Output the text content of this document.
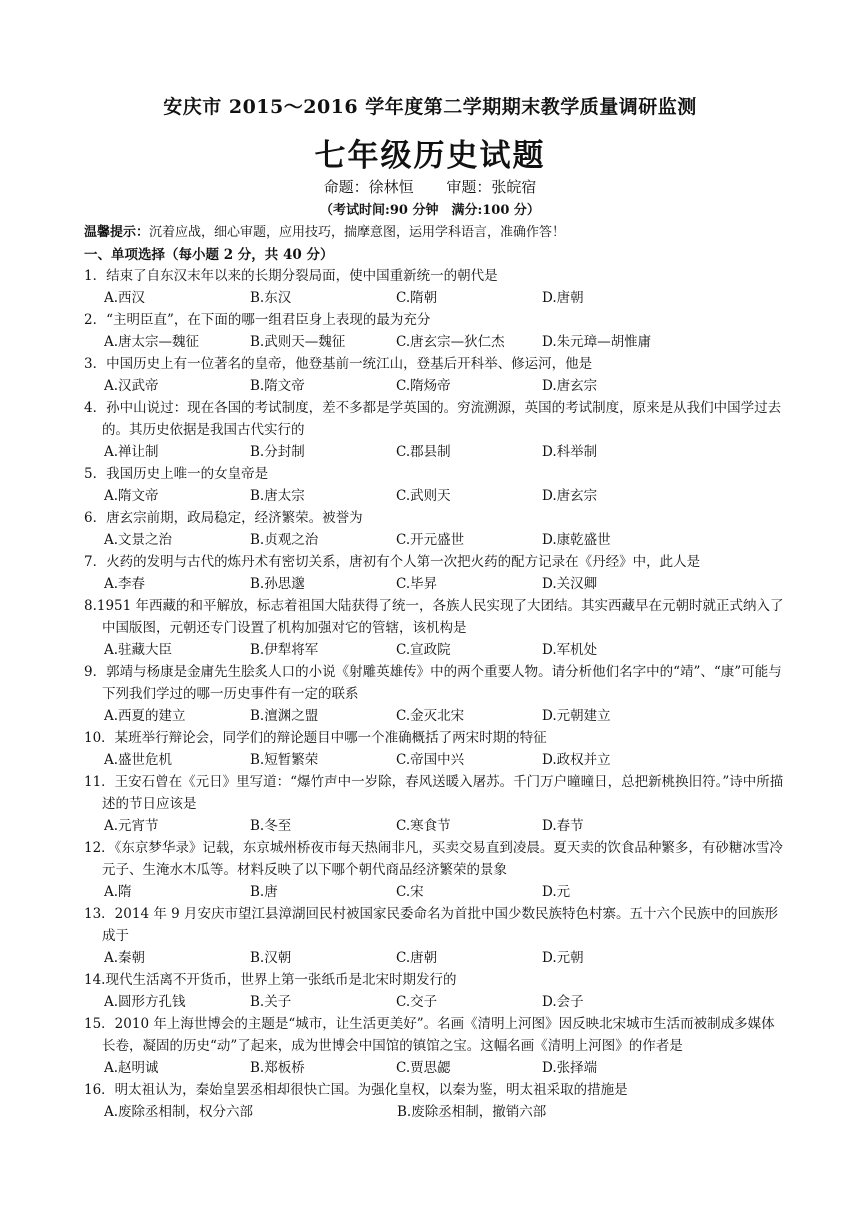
安庆市 2015～2016 学年度第二学期期末教学质量调研监测
七年级历史试题
命题：徐林恒 审题：张皖宿
（考试时间:90 分钟　满分:100 分）
温馨提示：沉着应战，细心审题，应用技巧，揣摩意图，运用学科语言，准确作答！
一、单项选择（每小题 2 分，共 40 分）
1．结束了自东汉末年以来的长期分裂局面，使中国重新统一的朝代是
A.西汉	B.东汉	C.隋朝	D.唐朝
2．“主明臣直”，在下面的哪一组君臣身上表现的最为充分
A.唐太宗—魏征	B.武则天—魏征	C.唐玄宗—狄仁杰	D.朱元璋—胡惟庸
3．中国历史上有一位著名的皇帝，他登基前一统江山，登基后开科举、修运河，他是
A.汉武帝	B.隋文帝	C.隋炀帝	D.唐玄宗
4．孙中山说过：现在各国的考试制度，差不多都是学英国的。穷流溯源，英国的考试制度，原来是从我们中国学过去的。其历史依据是我国古代实行的
A.禅让制	B.分封制	C.郡县制	D.科举制
5．我国历史上唯一的女皇帝是
A.隋文帝	B.唐太宗	C.武则天	D.唐玄宗
6．唐玄宗前期，政局稳定，经济繁荣。被誉为
A.文景之治	B.贞观之治	C.开元盛世	D.康乾盛世
7．火药的发明与古代的炼丹术有密切关系，唐初有个人第一次把火药的配方记录在《丹经》中，此人是
A.李春	B.孙思邈	C.毕昇	D.关汉卿
8.1951 年西藏的和平解放，标志着祖国大陆获得了统一，各族人民实现了大团结。其实西藏早在元朝时就正式纳入了中国版图，元朝还专门设置了机构加强对它的管辖，该机构是
A.驻藏大臣	B.伊犁将军	C.宣政院	D.军机处
9．郭靖与杨康是金庸先生脍炙人口的小说《射雕英雄传》中的两个重要人物。请分析他们名字中的“靖”、“康”可能与下列我们学过的哪一历史事件有一定的联系
A.西夏的建立	B.澶渊之盟	C.金灭北宋	D.元朝建立
10．某班举行辩论会，同学们的辩论题目中哪一个准确概括了两宋时期的特征
A.盛世危机	B.短暂繁荣	C.帝国中兴	D.政权并立
11．王安石曾在《元日》里写道：“爆竹声中一岁除，春风送暖入屠苏。千门万户曈曈日，总把新桃换旧符。”诗中所描述的节日应该是
A.元宵节	B.冬至	C.寒食节	D.春节
12．《东京梦华录》记载，东京城州桥夜市每天热闹非凡，买卖交易直到凌晨。夏天卖的饮食品种繁多，有砂糖冰雪冷元子、生淹水木瓜等。材料反映了以下哪个朝代商品经济繁荣的景象
A.隋	B.唐	C.宋	D.元
13．2014 年 9 月安庆市望江县漳湖回民村被国家民委命名为首批中国少数民族特色村寨。五十六个民族中的回族形成于
A.秦朝	B.汉朝	C.唐朝	D.元朝
14.现代生活离不开货币，世界上第一张纸币是北宋时期发行的
A.圆形方孔钱	B.关子	C.交子	D.会子
15．2010 年上海世博会的主题是“城市，让生活更美好”。名画《清明上河图》因反映北宋城市生活而被制成多媒体长卷，凝固的历史“动”了起来，成为世博会中国馆的镇馆之宝。这幅名画《清明上河图》的作者是
A.赵明诚	B.郑板桥	C.贾思勰	D.张择端
16．明太祖认为，秦始皇罢丞相却很快亡国。为强化皇权，以秦为鉴，明太祖采取的措施是
A.废除丞相制，权分六部	B.废除丞相制，撤销六部
